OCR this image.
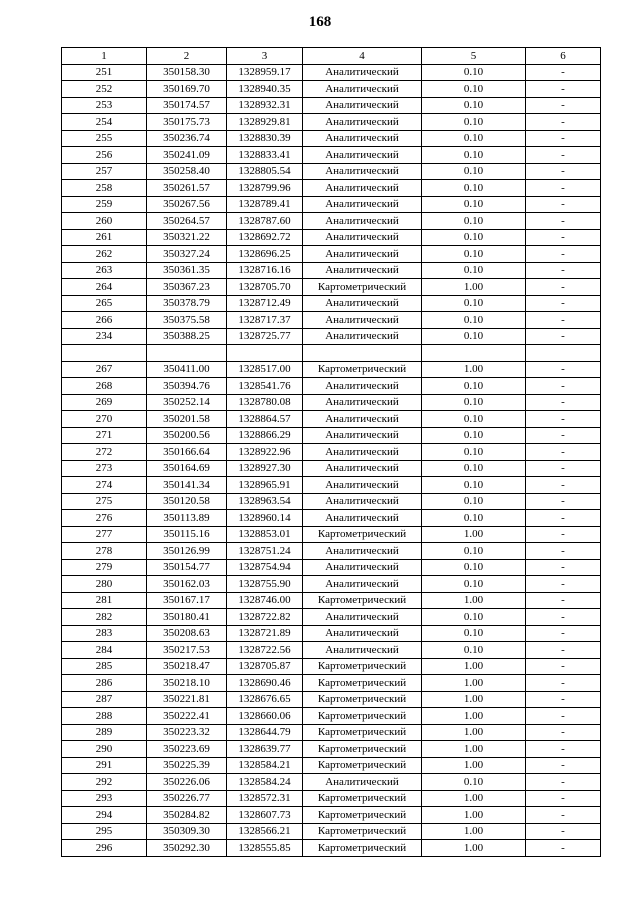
168
1	2	3	4	5	6
251	350158.30	1328959.17	Аналитический	0.10	-
252	350169.70	1328940.35	Аналитический	0.10	-
253	350174.57	1328932.31	Аналитический	0.10	-
254	350175.73	1328929.81	Аналитический	0.10	-
255	350236.74	1328830.39	Аналитический	0.10	-
256	350241.09	1328833.41	Аналитический	0.10	-
257	350258.40	1328805.54	Аналитический	0.10	-
258	350261.57	1328799.96	Аналитический	0.10	-
259	350267.56	1328789.41	Аналитический	0.10	-
260	350264.57	1328787.60	Аналитический	0.10	-
261	350321.22	1328692.72	Аналитический	0.10	-
262	350327.24	1328696.25	Аналитический	0.10	-
263	350361.35	1328716.16	Аналитический	0.10	-
264	350367.23	1328705.70	Картометрический	1.00	-
265	350378.79	1328712.49	Аналитический	0.10	-
266	350375.58	1328717.37	Аналитический	0.10	-
234	350388.25	1328725.77	Аналитический	0.10	-

267	350411.00	1328517.00	Картометрический	1.00	-
268	350394.76	1328541.76	Аналитический	0.10	-
269	350252.14	1328780.08	Аналитический	0.10	-
270	350201.58	1328864.57	Аналитический	0.10	-
271	350200.56	1328866.29	Аналитический	0.10	-
272	350166.64	1328922.96	Аналитический	0.10	-
273	350164.69	1328927.30	Аналитический	0.10	-
274	350141.34	1328965.91	Аналитический	0.10	-
275	350120.58	1328963.54	Аналитический	0.10	-
276	350113.89	1328960.14	Аналитический	0.10	-
277	350115.16	1328853.01	Картометрический	1.00	-
278	350126.99	1328751.24	Аналитический	0.10	-
279	350154.77	1328754.94	Аналитический	0.10	-
280	350162.03	1328755.90	Аналитический	0.10	-
281	350167.17	1328746.00	Картометрический	1.00	-
282	350180.41	1328722.82	Аналитический	0.10	-
283	350208.63	1328721.89	Аналитический	0.10	-
284	350217.53	1328722.56	Аналитический	0.10	-
285	350218.47	1328705.87	Картометрический	1.00	-
286	350218.10	1328690.46	Картометрический	1.00	-
287	350221.81	1328676.65	Картометрический	1.00	-
288	350222.41	1328660.06	Картометрический	1.00	-
289	350223.32	1328644.79	Картометрический	1.00	-
290	350223.69	1328639.77	Картометрический	1.00	-
291	350225.39	1328584.21	Картометрический	1.00	-
292	350226.06	1328584.24	Аналитический	0.10	-
293	350226.77	1328572.31	Картометрический	1.00	-
294	350284.82	1328607.73	Картометрический	1.00	-
295	350309.30	1328566.21	Картометрический	1.00	-
296	350292.30	1328555.85	Картометрический	1.00	-
